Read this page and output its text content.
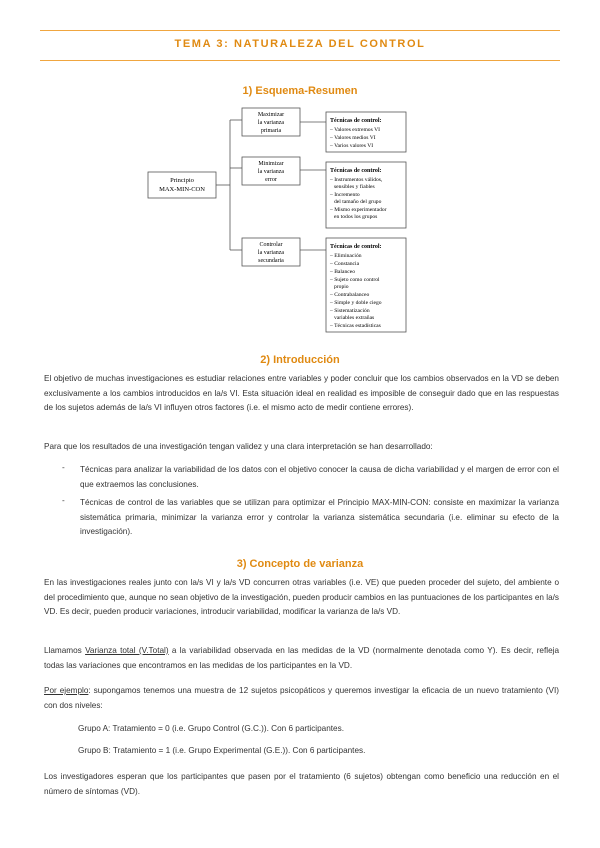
TEMA 3: NATURALEZA DEL CONTROL
1) Esquema-Resumen
Principio
MAX-MIN-CON
Maximizar
la varianza
primaria
Técnicas de control:
– Valores extremos VI
– Valores medios VI
– Varios valores VI
Minimizar
la varianza
error
Técnicas de control:
– Instrumentos válidos,
sensibles y fiables
– Incremento
del tamaño del grupo
– Mismo experimentador
en todos los grupos
Controlar
la varianza
secundaria
Técnicas de control:
– Eliminación
– Constancia
– Balanceo
– Sujeto como control
propio
– Contrabalanceo
– Simple y doble ciego
– Sistematización
variables extrañas
– Técnicas estadísticas
2) Introducción
El objetivo de muchas investigaciones es estudiar relaciones entre variables y poder concluir que los cambios observados en la VD se deben exclusivamente a los cambios introducidos en la/s VI. Esta situación ideal en realidad es imposible de conseguir dado que en las respuestas de los sujetos además de la/s VI influyen otros factores (i.e. el mismo acto de medir contiene errores).
Para que los resultados de una investigación tengan validez y una clara interpretación se han desarrollado:
- Técnicas para analizar la variabilidad de los datos con el objetivo conocer la causa de dicha variabilidad y el margen de error con el que extraemos las conclusiones.
- Técnicas de control de las variables que se utilizan para optimizar el Principio MAX-MIN-CON: consiste en maximizar la varianza sistemática primaria, minimizar la varianza error y controlar la varianza sistemática secundaria (i.e. eliminar su efecto de la investigación).
3) Concepto de varianza
En las investigaciones reales junto con la/s VI y la/s VD concurren otras variables (i.e. VE) que pueden proceder del sujeto, del ambiente o del procedimiento que, aunque no sean objetivo de la investigación, pueden producir cambios en las puntuaciones de los participantes en la/s VD. Es decir, pueden producir variaciones, introducir variabilidad, modificar la varianza de la/s VD.
Llamamos Varianza total (V.Total) a la variabilidad observada en las medidas de la VD (normalmente denotada como Y). Es decir, refleja todas las variaciones que encontramos en las medidas de los participantes en la VD.
Por ejemplo: supongamos tenemos una muestra de 12 sujetos psicopáticos y queremos investigar la eficacia de un nuevo tratamiento (VI) con dos niveles:
Grupo A: Tratamiento = 0 (i.e. Grupo Control (G.C.)). Con 6 participantes.
Grupo B: Tratamiento = 1 (i.e. Grupo Experimental (G.E.)). Con 6 participantes.
Los investigadores esperan que los participantes que pasen por el tratamiento (6 sujetos) obtengan como beneficio una reducción en el número de síntomas (VD).
